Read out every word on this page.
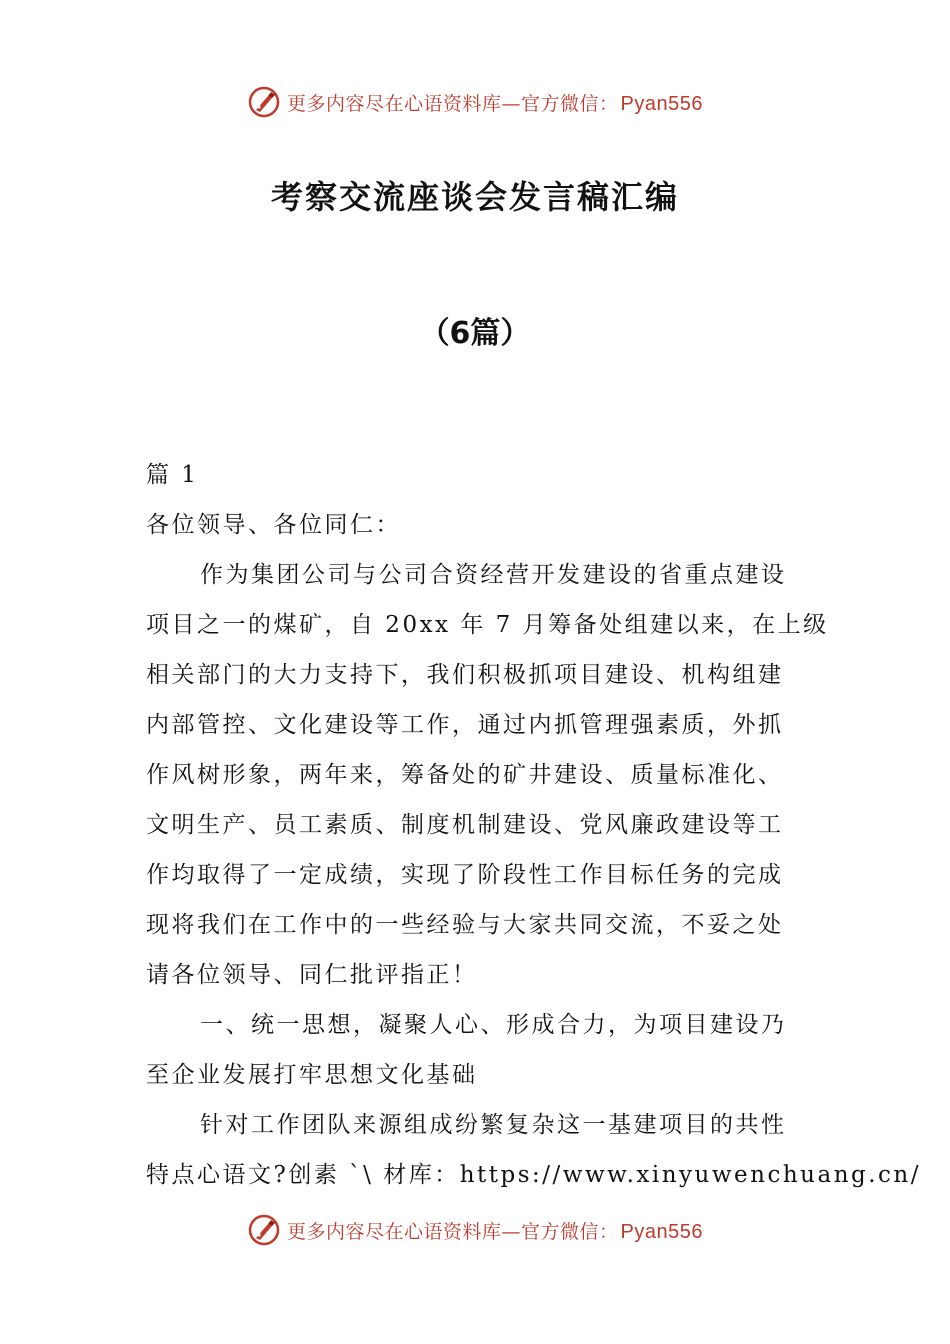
更多内容尽在心语资料库—官方微信： Pyan556
考察交流座谈会发言稿汇编
（6篇）

篇 1

各位领导、各位同仁：

作为集团公司与公司合资经营开发建设的省重点建设

项目之一的煤矿，自 20xx 年 7 月筹备处组建以来，在上级

相关部门的大力支持下，我们积极抓项目建设、机构组建

内部管控、文化建设等工作，通过内抓管理强素质，外抓

作风树形象，两年来，筹备处的矿井建设、质量标准化、

文明生产、员工素质、制度机制建设、党风廉政建设等工

作均取得了一定成绩，实现了阶段性工作目标任务的完成

现将我们在工作中的一些经验与大家共同交流，不妥之处

请各位领导、同仁批评指正！

一、统一思想，凝聚人心、形成合力，为项目建设乃

至企业发展打牢思想文化基础

针对工作团队来源组成纷繁复杂这一基建项目的共性

特点心语文?创素 `\ 材库：https://www.xinyuwenchuang.cn/

更多内容尽在心语资料库—官方微信： Pyan556
